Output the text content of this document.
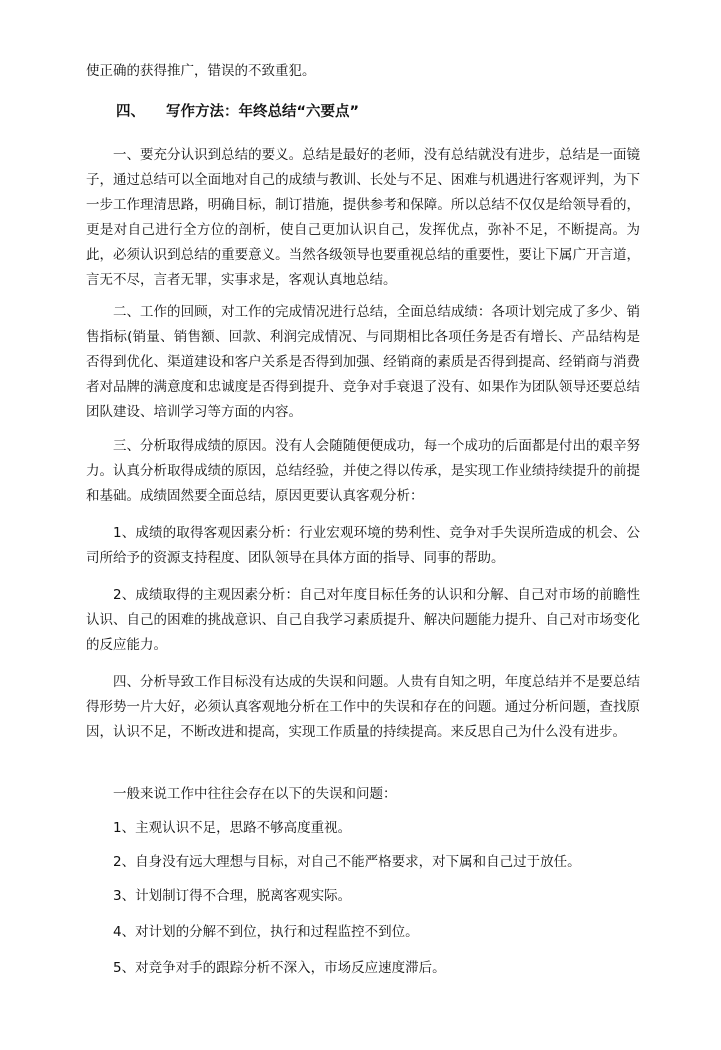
使正确的获得推广，错误的不致重犯。

四、 写作方法：年终总结“六要点”

一、要充分认识到总结的要义。总结是最好的老师，没有总结就没有进步，总结是一面镜子，通过总结可以全面地对自己的成绩与教训、长处与不足、困难与机遇进行客观评判，为下一步工作理清思路，明确目标，制订措施，提供参考和保障。所以总结不仅仅是给领导看的，更是对自己进行全方位的剖析，使自己更加认识自己，发挥优点，弥补不足，不断提高。为此，必须认识到总结的重要意义。当然各级领导也要重视总结的重要性，要让下属广开言道，言无不尽，言者无罪，实事求是，客观认真地总结。

二、工作的回顾，对工作的完成情况进行总结，全面总结成绩：各项计划完成了多少、销售指标(销量、销售额、回款、利润完成情况、与同期相比各项任务是否有增长、产品结构是否得到优化、渠道建设和客户关系是否得到加强、经销商的素质是否得到提高、经销商与消费者对品牌的满意度和忠诚度是否得到提升、竞争对手衰退了没有、如果作为团队领导还要总结团队建设、培训学习等方面的内容。

三、分析取得成绩的原因。没有人会随随便便成功，每一个成功的后面都是付出的艰辛努力。认真分析取得成绩的原因，总结经验，并使之得以传承，是实现工作业绩持续提升的前提和基础。成绩固然要全面总结，原因更要认真客观分析：

1、成绩的取得客观因素分析：行业宏观环境的势利性、竞争对手失误所造成的机会、公司所给予的资源支持程度、团队领导在具体方面的指导、同事的帮助。

2、成绩取得的主观因素分析：自己对年度目标任务的认识和分解、自己对市场的前瞻性认识、自己的困难的挑战意识、自己自我学习素质提升、解决问题能力提升、自己对市场变化的反应能力。

四、分析导致工作目标没有达成的失误和问题。人贵有自知之明，年度总结并不是要总结得形势一片大好，必须认真客观地分析在工作中的失误和存在的问题。通过分析问题，查找原因，认识不足，不断改进和提高，实现工作质量的持续提高。来反思自己为什么没有进步。

一般来说工作中往往会存在以下的失误和问题：

1、主观认识不足，思路不够高度重视。

2、自身没有远大理想与目标，对自己不能严格要求，对下属和自己过于放任。

3、计划制订得不合理，脱离客观实际。

4、对计划的分解不到位，执行和过程监控不到位。

5、对竞争对手的跟踪分析不深入，市场反应速度滞后。
